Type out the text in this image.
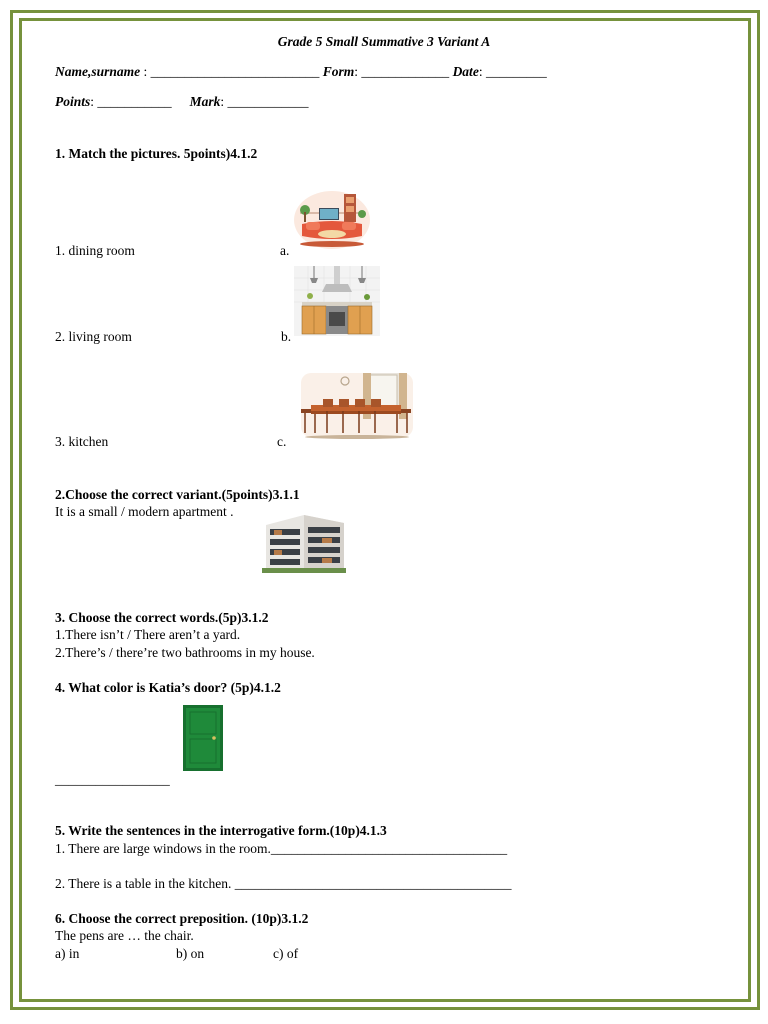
Grade 5 Small Summative 3 Variant A
Name,surname : _________________________ Form: _____________ Date: _________
Points: ___________ Mark: ____________
1. Match the pictures. 5points)4.1.2
1. dining room	a.
2. living room	b.
3. kitchen	c.
2.Choose the correct variant.(5points)3.1.1
It is a small / modern apartment .
3. Choose the correct words.(5p)3.1.2
1.There isn’t / There aren’t a yard.
2.There’s / there’re two bathrooms in my house.
4. What color is Katia’s door? (5p)4.1.2
_________________
5. Write the sentences in the interrogative form.(10p)4.1.3
1. There are large windows in the room.___________________________________
2. There is a table in the kitchen. _________________________________________
6. Choose the correct preposition. (10p)3.1.2
The pens are … the chair.
a) in	b) on	c) of
